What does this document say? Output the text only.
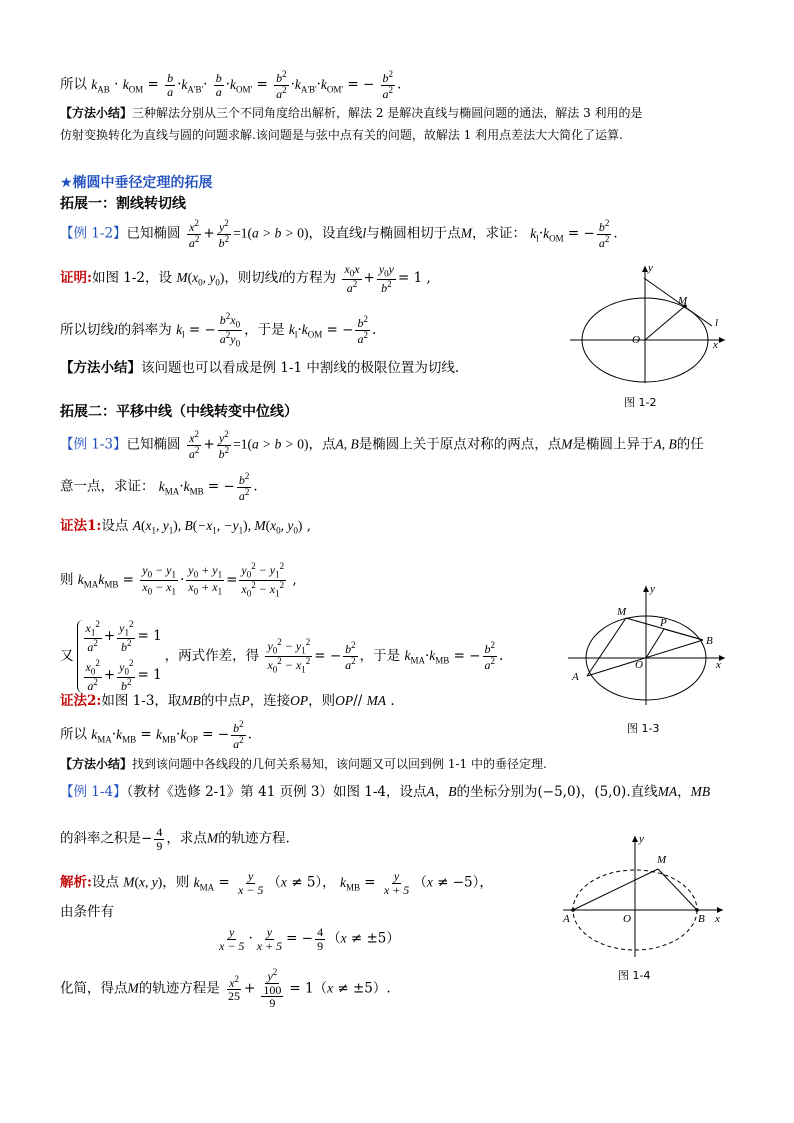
所以 $k_{AB} \cdot k_{OM} = \frac{b}{a} \cdot k_{A'B'}\cdot \frac{b}{a} \cdot k_{OM'} = \frac{b^2}{a^2} \cdot k_{A'B'}\cdot k_{OM'}$ = − $\frac{b^2}{a^2}$ .
【方法小结】三种解法分别从三个不同角度给出解析，解法 2 是解决直线与椭圆问题的通法，解法 3 利用的是
仿射变换转化为直线与圆的问题求解.该问题是与弦中点有关的问题，故解法 1 利用点差法大大简化了运算.
★椭圆中垂径定理的拓展
拓展一：割线转切线
【例 1-2】已知椭圆 $\frac{x^2}{a^2} + \frac{y^2}{b^2} =1(a > b > 0)$，设直线l与椭圆相切于点M，求证： $k_l\cdot k_{OM}$ = − $\frac{b^2}{a^2}$ .
证明:如图 1-2，设 $M(x_0$, $y_0$)，则切线l的方程为 $\frac{x_0x}{a^2} + \frac{y_0y}{b^2} = 1$ ,
所以切线l的斜率为 $k_l$ = − $\frac{b^2x_0}{a^2y_0}$ ，于是 $k_l\cdot k_{OM}$ = − $\frac{b^2}{a^2}$ .
【方法小结】该问题也可以看成是例 1-1 中割线的极限位置为切线.
y
x
O
M
l
图 1-2
拓展二：平移中线（中线转变中位线）
【例 1-3】已知椭圆 $\frac{x^2}{a^2} + \frac{y^2}{b^2} =1(a > b > 0)$，点A, B是椭圆上关于原点对称的两点，点M是椭圆上异于A, B的任
意一点，求证： $k_{MA}\cdot k_{MB}$ = − $\frac{b^2}{a^2}$ .
证法1:设点 $A(x_1$, $y_1$), $B(-x_1$, $-y_1$), $M(x_0$, $y_0$) ,
则 $k_{MA}k_{MB} = \frac{y_0 - y_1}{x_0 - x_1} \cdot \frac{y_0 + y_1}{x_0 + x_1} = \frac{y_0^2 - y_1^2}{x_0^2 - x_1^2}$ ,
又
$\frac{x_1^2}{a^2} + \frac{y_1^2}{b^2} = 1$
$\frac{x_0^2}{a^2} + \frac{y_0^2}{b^2} = 1$
，两式作差，得 $\frac{y_0^2 - y_1^2}{x_0^2 - x_1^2}$ = − $\frac{b^2}{a^2}$ ，于是 $k_{MA}\cdot k_{MB}$ = − $\frac{b^2}{a^2}$ .
证法2:如图 1-3，取MB的中点P，连接OP，则OP// MA .
所以 $k_{MA}\cdot k_{MB} = k_{MB}\cdot k_{OP}$ = − $\frac{b^2}{a^2}$ .
y
x
O
M
P
A
B
图 1-3
【方法小结】找到该问题中各线段的几何关系易知，该问题又可以回到例 1-1 中的垂径定理.
【例 1-4】（教材《选修 2-1》第 41 页例 3）如图 1-4，设点A，B的坐标分别为(−5,0)，(5,0).直线MA，MB
的斜率之积是− $\frac{4}{9}$ ，求点M的轨迹方程.
解析:设点 M(x, y)，则 $k_{MA} = \frac{y}{x - 5} (x \ne 5)$， $k_{MB} = \frac{y}{x + 5} (x \ne -5)$，
由条件有
$\frac{y}{x - 5} \cdot \frac{y}{x + 5}$ = − $\frac{4}{9} (x \ne \pm 5)$
化简，得点M的轨迹方程是 $\frac{x^2}{25} + \frac{y^2}{\frac{100}{9}} = 1(x \ne \pm 5)$.
y
x
O
M
A	B
图 1-4
